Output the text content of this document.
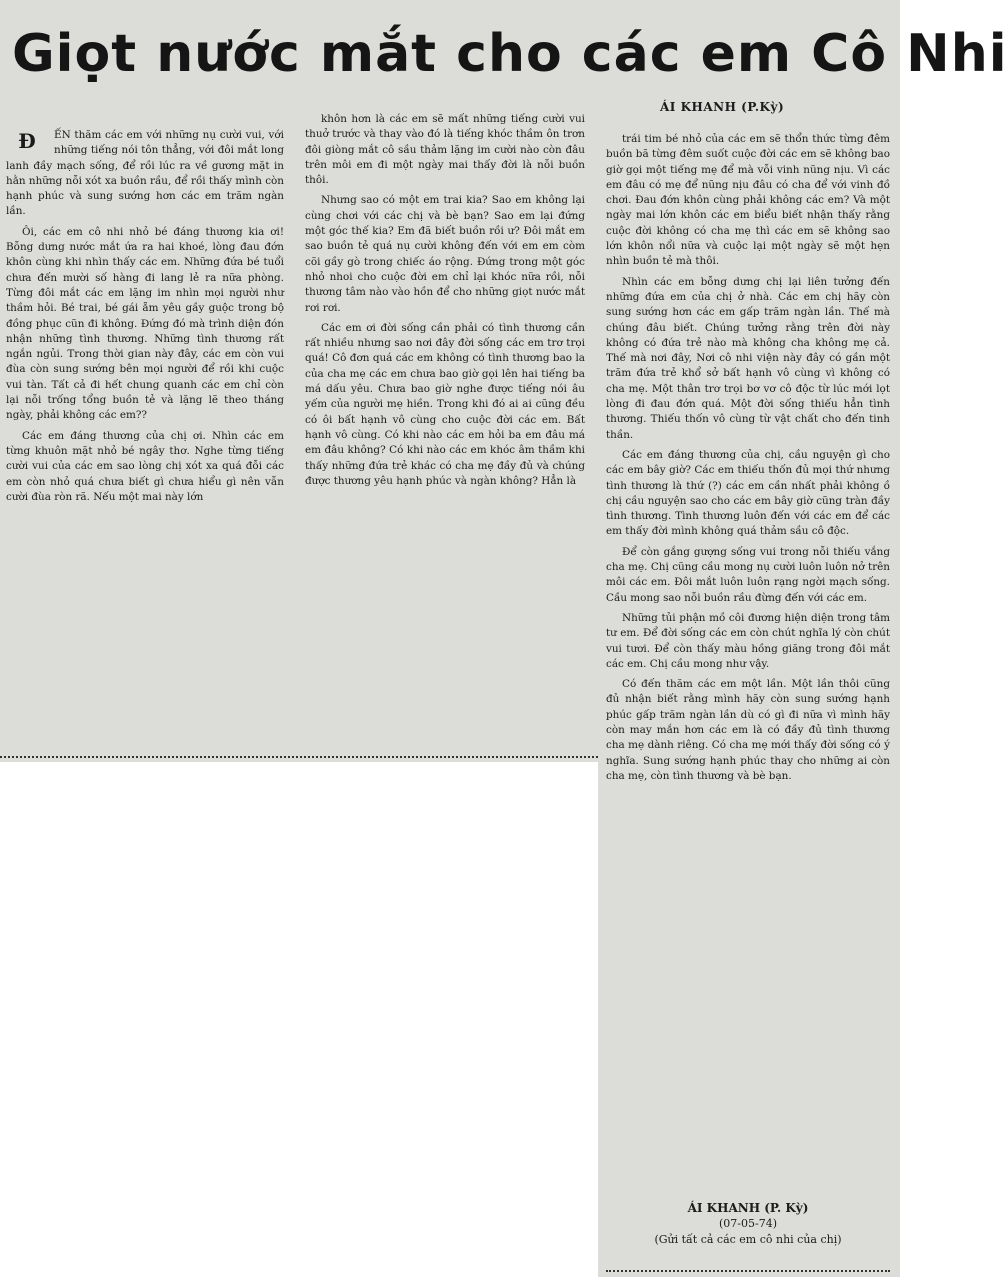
Giọt nước mắt cho các em Cô Nhi
ÁI KHANH (P.Kỳ)

Đ	ẾN thăm các em với những nụ cười vui, với những tiếng nói tôn thẳng, với đôi mắt long lanh đầy mạch sống, để rồi lúc ra về gương mặt in hằn những nỗi xót xa buồn rầu, để rồi thấy mình còn hạnh phúc và sung sướng hơn các em trăm ngàn lần.

Ôi, các em cô nhi nhỏ bé đáng thương kia ơi! Bỗng dưng nước mắt ứa ra hai khoé, lòng đau đớn khôn cùng khi nhìn thấy các em. Những đứa bé tuổi chưa đến mười số hàng đi lang lẻ ra nữa phòng. Từng đôi mắt các em lặng im nhìn mọi người như thầm hỏi. Bé trai, bé gái ẵm yêu gầy guộc trong bộ đồng phục cũn đi không. Đứng đó mà trình diện đón nhận những tình thương. Những tình thương rất ngắn ngủi. Trong thời gian này đây, các em còn vui đùa còn sung sướng bên mọi người để rồi khi cuộc vui tàn. Tất cả đi hết chung quanh các em chỉ còn lại nỗi trống tổng buồn tẻ và lặng lẽ theo tháng ngày, phải không các em??

Các em đáng thương của chị ơi. Nhìn các em từng khuôn mặt nhỏ bé ngây thơ. Nghe từng tiếng cười vui của các em sao lòng chị xót xa quá đỗi các em còn nhỏ quá chưa biết gì chưa hiểu gì nên vẫn cười đùa ròn rã. Nếu một mai này lớn

khôn hơn là các em sẽ mất những tiếng cười vui thuở trước và thay vào đó là tiếng khóc thầm ôn trơn đôi giòng mắt cô sầu thảm lặng im cười nào còn đâu trên môi em đi một ngày mai thấy đời là nỗi buồn thôi.

Nhưng sao có một em trai kia? Sao em không lại cùng chơi với các chị và bè bạn? Sao em lại đứng một góc thế kia? Em đã biết buồn rồi ư? Đôi mắt em sao buồn tẻ quá nụ cười không đến với em em còm cõi gầy gò trong chiếc áo rộng. Đứng trong một góc nhỏ nhoi cho cuộc đời em chỉ lại khóc nữa rồi, nỗi thương tâm nào vào hồn để cho những giọt nước mắt rơi rơi.

Các em ơi đời sống cần phải có tình thương cần rất nhiều nhưng sao nơi đây đời sống các em trơ trọi quá! Cô đơn quá các em không có tình thương bao la của cha mẹ các em chưa bao giờ gọi lên hai tiếng ba má dấu yêu. Chưa bao giờ nghe được tiếng nói âu yếm của người mẹ hiền. Trong khi đó ai ai cũng đều có ôi bất hạnh vô cùng cho cuộc đời các em. Bất hạnh vô cùng. Có khi nào các em hỏi ba em đâu má em đâu không? Có khi nào các em khóc âm thầm khi thấy những đứa trẻ khác có cha mẹ đầy đủ và chúng được thương yêu hạnh phúc và ngàn không? Hẳn là

trái tim bé nhỏ của các em sẽ thổn thức từng đêm buồn bã từng đêm suốt cuộc đời các em sẽ không bao giờ gọi một tiếng mẹ để mà vỗi vinh nũng nịu. Vì các em đâu có mẹ để nũng nịu đâu có cha để với vinh đồ chơi. Đau đớn khôn cùng phải không các em? Và một ngày mai lớn khôn các em biểu biết nhận thấy rằng cuộc đời không có cha mẹ thì các em sẽ không sao lớn khôn nổi nữa và cuộc lại một ngày sẽ một hẹn nhìn buồn tẻ mà thôi.

Nhìn các em bỗng dưng chị lại liên tưởng đến những đứa em của chị ở nhà. Các em chị hãy còn sung sướng hơn các em gấp trăm ngàn lần. Thế mà chúng đâu biết. Chúng tưởng rằng trên đời này không có đứa trẻ nào mà không cha không mẹ cả. Thế mà nơi đây, Nơi cô nhi viện này đây có gần một trăm đứa trẻ khổ sở bất hạnh vô cùng vì không có cha mẹ. Một thân trơ trọi bơ vơ cô độc từ lúc mới lọt lòng đi đau đớn quá. Một đời sống thiếu hẳn tình thương. Thiếu thốn vô cùng từ vật chất cho đến tinh thần.

Các em đáng thương của chị, cầu nguyện gì cho các em bây giờ? Các em thiếu thốn đủ mọi thứ nhưng tình thương là thứ (?) các em cần nhất phải không ồ chị cầu nguyện sao cho các em bây giờ cũng tràn đầy tình thương. Tình thương luôn đến với các em để các em thấy đời mình không quá thảm sầu cô độc.

Để còn gắng gượng sống vui trong nỗi thiếu vắng cha mẹ. Chị cũng cầu mong nụ cười luôn luôn nở trên môi các em. Đôi mắt luôn luôn rạng ngời mạch sống. Cầu mong sao nỗi buồn rầu đừng đến với các em.

Những tủi phận mồ côi đương hiện diện trong tâm tư em. Để đời sống các em còn chút nghĩa lý còn chút vui tươi. Để còn thấy màu hồng giăng trong đôi mắt các em. Chị cầu mong như vậy.

Có đến thăm các em một lần. Một lần thôi cũng đủ nhận biết rằng mình hãy còn sung sướng hạnh phúc gấp trăm ngàn lần dù có gì đi nữa vì mình hãy còn may mắn hơn các em là có đầy đủ tình thương cha mẹ dành riêng. Có cha mẹ mới thấy đời sống có ý nghĩa. Sung sướng hạnh phúc thay cho những ai còn cha mẹ, còn tình thương và bè bạn.

ÁI KHANH (P. Kỳ)
(07-05-74)
(Gửi tất cả các em cô nhi của chị)
